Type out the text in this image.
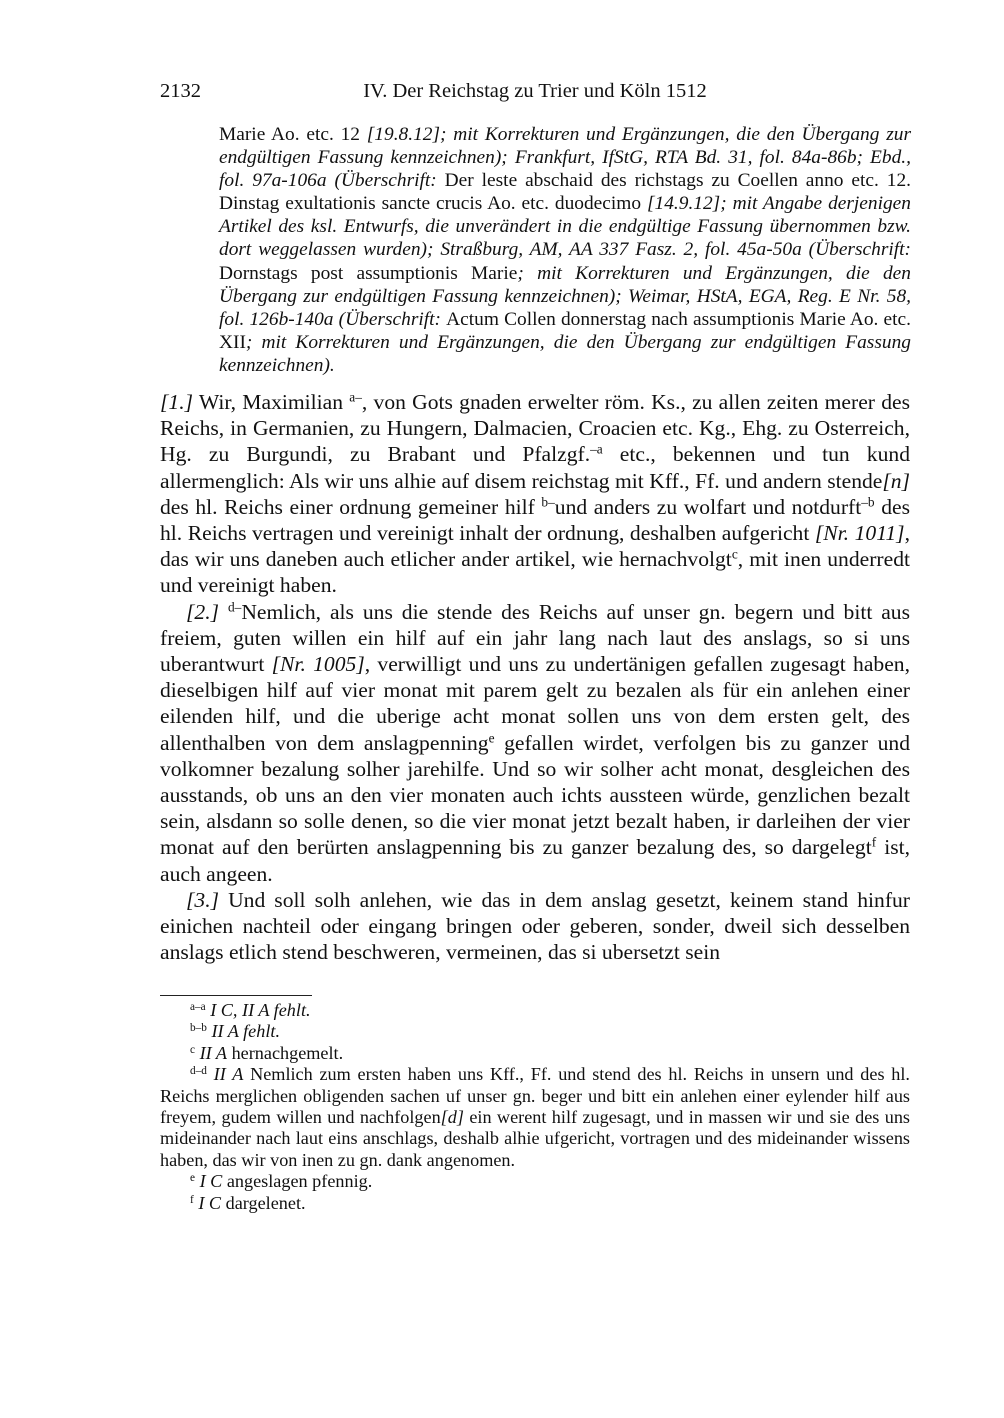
2132	IV. Der Reichstag zu Trier und Köln 1512
Marie Ao. etc. 12 [19.8.12]; mit Korrekturen und Ergänzungen, die den Übergang zur endgültigen Fassung kennzeichnen); Frankfurt, IfStG, RTA Bd. 31, fol. 84a-86b; Ebd., fol. 97a-106a (Überschrift: Der leste abschaid des richstags zu Coellen anno etc. 12. Dinstag exultationis sancte crucis Ao. etc. duodecimo [14.9.12]; mit Angabe derjenigen Artikel des ksl. Entwurfs, die unverändert in die endgültige Fassung übernommen bzw. dort weggelassen wurden); Straßburg, AM, AA 337 Fasz. 2, fol. 45a-50a (Überschrift: Dornstags post assumptionis Marie; mit Korrekturen und Ergänzungen, die den Übergang zur endgültigen Fassung kennzeichnen); Weimar, HStA, EGA, Reg. E Nr. 58, fol. 126b-140a (Überschrift: Actum Collen donnerstag nach assumptionis Marie Ao. etc. XII; mit Korrekturen und Ergänzungen, die den Übergang zur endgültigen Fassung kennzeichnen).

[1.] Wir, Maximilian $^{a-}$, von Gots gnaden erwelter röm. Ks., zu allen zeiten merer des Reichs, in Germanien, zu Hungern, Dalmacien, Croacien etc. Kg., Ehg. zu Osterreich, Hg. zu Burgundi, zu Brabant und Pfalzgf.$^{-a}$ etc., bekennen und tun kund allermenglich: Als wir uns alhie auf disem reichstag mit Kff., Ff. und andern stende[n] des hl. Reichs einer ordnung gemeiner hilf $^{b-}$und anders zu wolfart und notdurft$^{-b}$ des hl. Reichs vertragen und vereinigt inhalt der ordnung, deshalben aufgericht [Nr. 1011], das wir uns daneben auch etlicher ander artikel, wie hernachvolgt$^c$, mit inen underredt und vereinigt haben.

[2.] $^{d-}$Nemlich, als uns die stende des Reichs auf unser gn. begern und bitt aus freiem, guten willen ein hilf auf ein jahr lang nach laut des anslags, so si uns uberantwurt [Nr. 1005], verwilligt und uns zu undertänigen gefallen zugesagt haben, dieselbigen hilf auf vier monat mit parem gelt zu bezalen als für ein anlehen einer eilenden hilf, und die uberige acht monat sollen uns von dem ersten gelt, des allenthalben von dem anslagpenning$^e$ gefallen wirdet, verfolgen bis zu ganzer und volkomner bezalung solher jarehilfe. Und so wir solher acht monat, desgleichen des ausstands, ob uns an den vier monaten auch ichts aussteen würde, genzlichen bezalt sein, alsdann so solle denen, so die vier monat jetzt bezalt haben, ir darleihen der vier monat auf den berürten anslagpenning bis zu ganzer bezalung des, so dargelegt$^f$ ist, auch angeen.

[3.] Und soll solh anlehen, wie das in dem anslag gesetzt, keinem stand hinfur einichen nachteil oder eingang bringen oder geberen, sonder, dweil sich desselben anslags etlich stend beschweren, vermeinen, das si ubersetzt sein

$^{a-a}$ I C, II A fehlt.
$^{b-b}$ II A fehlt.
$^c$ II A hernachgemelt.
$^{d-d}$ II A Nemlich zum ersten haben uns Kff., Ff. und stend des hl. Reichs in unsern und des hl. Reichs merglichen obligenden sachen uf unser gn. beger und bitt ein anlehen einer eylender hilf aus freyem, gudem willen und nachfolgen[d] ein werent hilf zugesagt, und in massen wir und sie des uns mideinander nach laut eins anschlags, deshalb alhie ufgericht, vortragen und des mideinander wissens haben, das wir von inen zu gn. dank angenomen.
$^e$ I C angeslagen pfennig.
$^f$ I C dargelenet.
